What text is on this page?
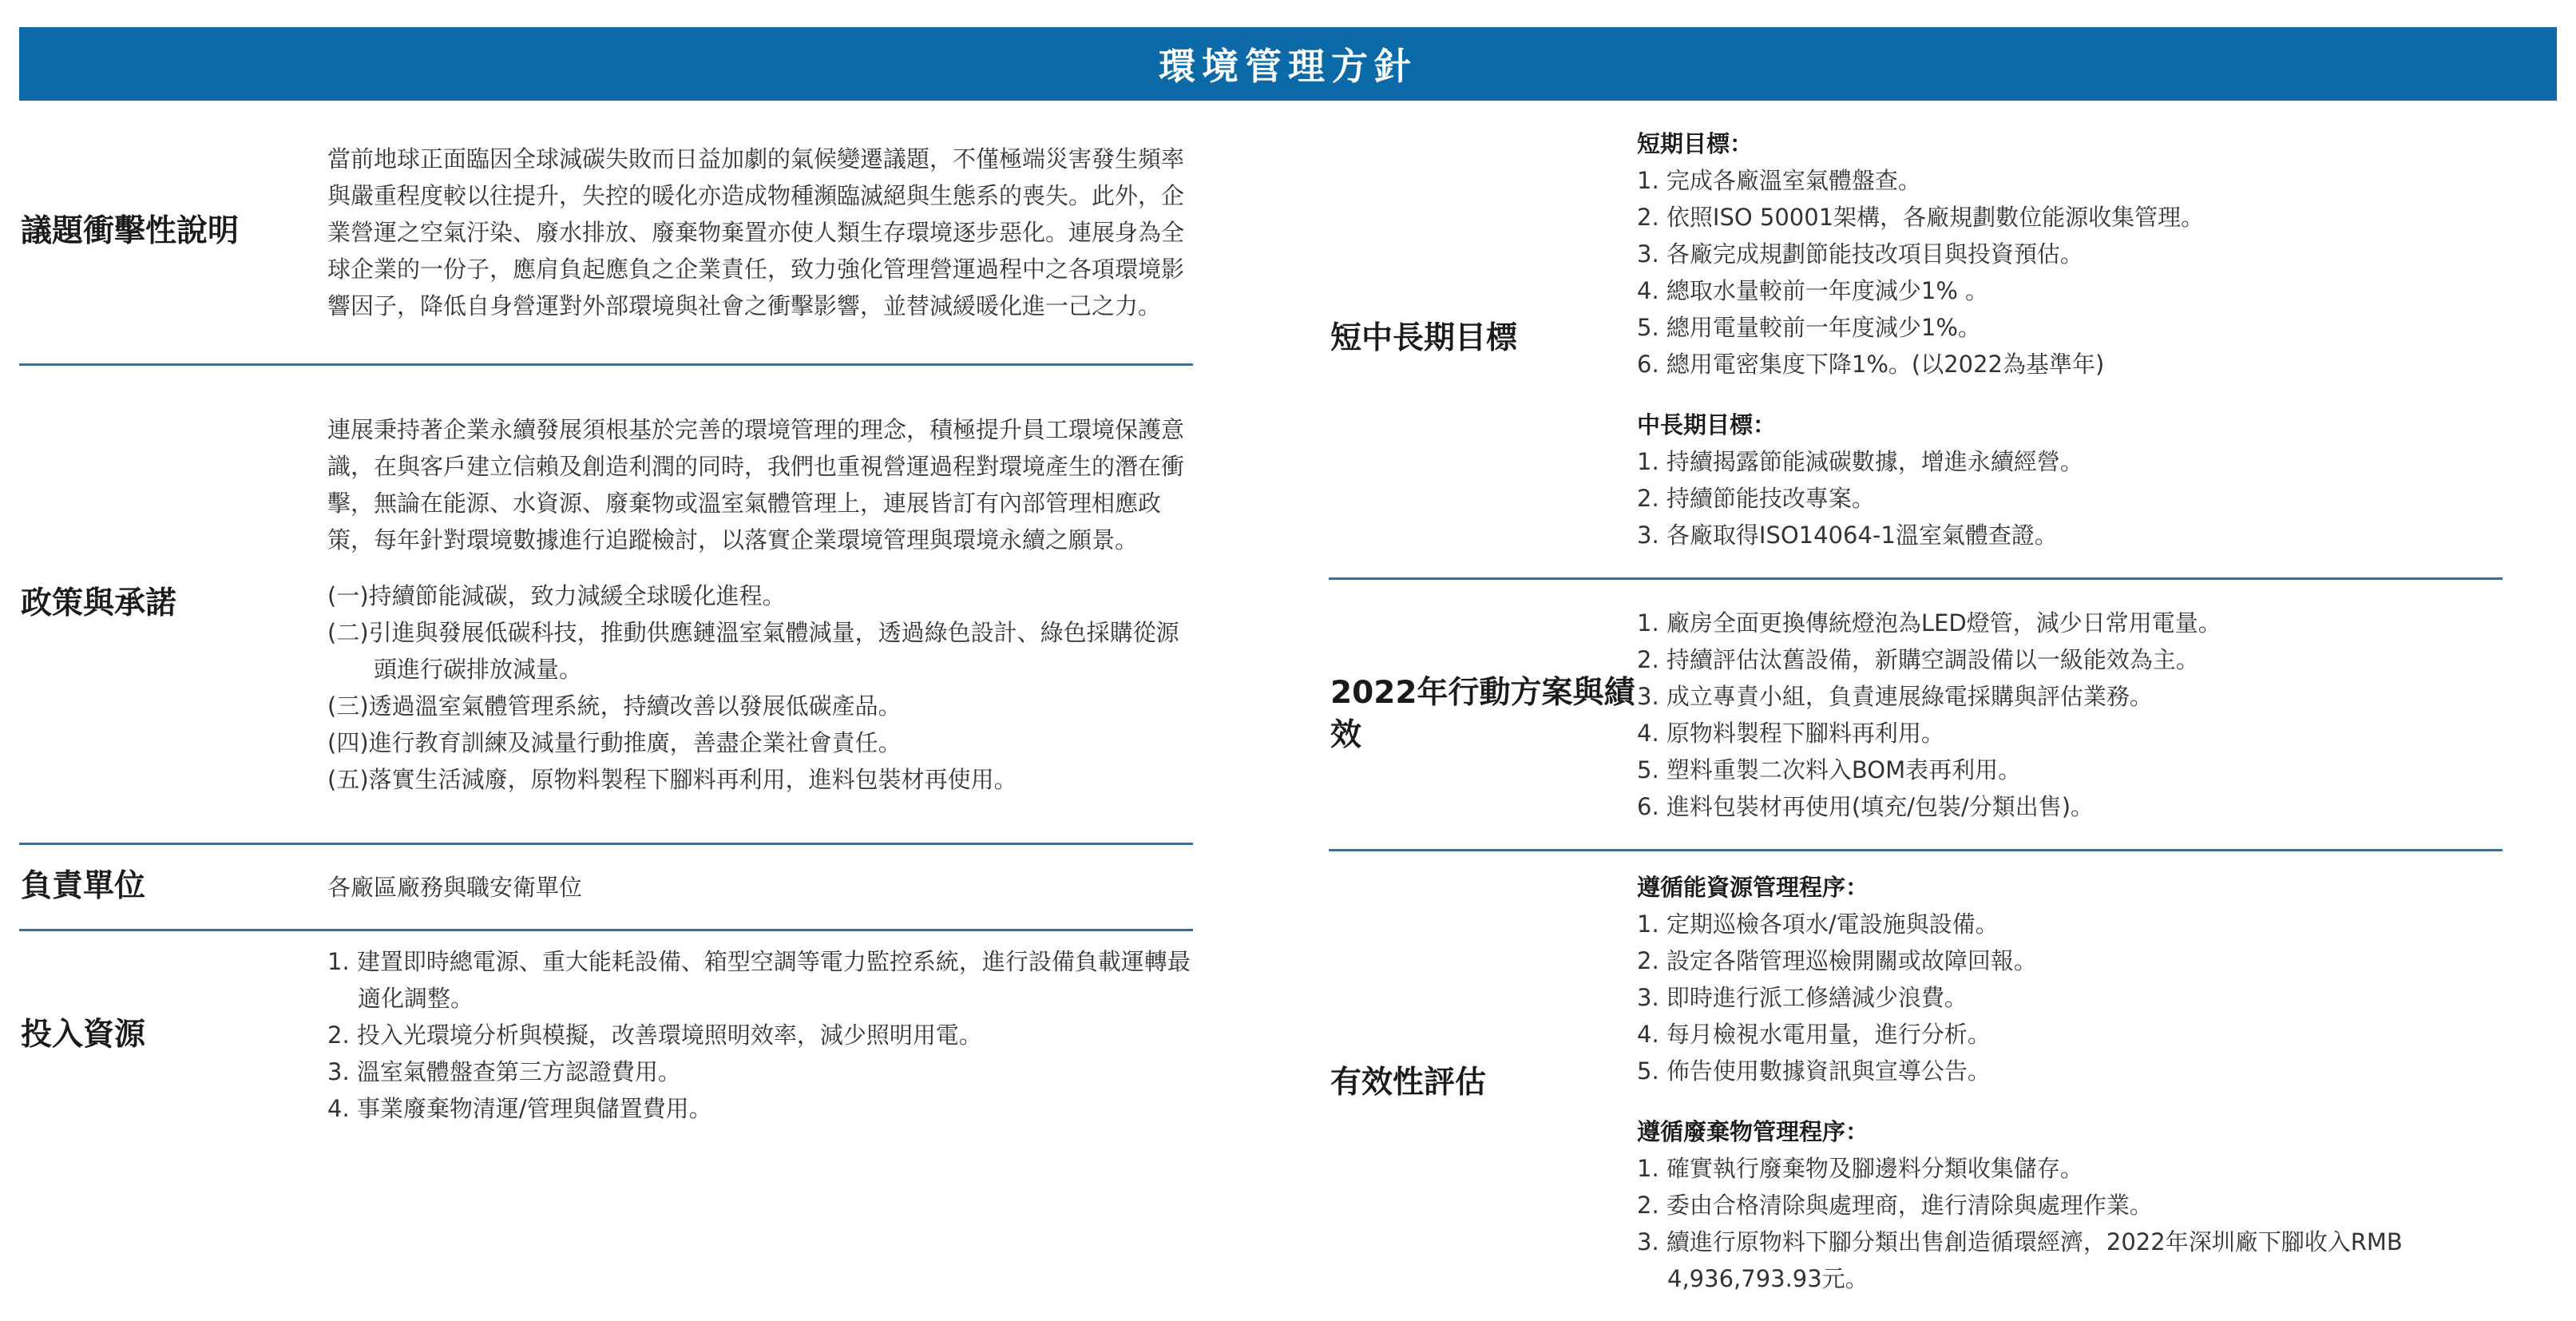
環境管理方針
議題衝擊性說明

當前地球正面臨因全球減碳失敗而日益加劇的氣候變遷議題，不僅極端災害發生頻率與嚴重程度較以往提升，失控的暖化亦造成物種瀕臨滅絕與生態系的喪失。此外，企業營運之空氣汙染、廢水排放、廢棄物棄置亦使人類生存環境逐步惡化。連展身為全球企業的一份子，應肩負起應負之企業責任，致力強化管理營運過程中之各項環境影響因子，降低自身營運對外部環境與社會之衝擊影響，並替減緩暖化進一己之力。

政策與承諾

連展秉持著企業永續發展須根基於完善的環境管理的理念，積極提升員工環境保護意識，在與客戶建立信賴及創造利潤的同時，我們也重視營運過程對環境產生的潛在衝擊，無論在能源、水資源、廢棄物或溫室氣體管理上，連展皆訂有內部管理相應政策，每年針對環境數據進行追蹤檢討，以落實企業環境管理與環境永續之願景。

(一)持續節能減碳，致力減緩全球暖化進程。
(二)引進與發展低碳科技，推動供應鏈溫室氣體減量，透過綠色設計、綠色採購從源頭進行碳排放減量。
(三)透過溫室氣體管理系統，持續改善以發展低碳產品。
(四)進行教育訓練及減量行動推廣，善盡企業社會責任。
(五)落實生活減廢，原物料製程下腳料再利用，進料包裝材再使用。
負責單位	各廠區廠務與職安衛單位

投入資源
1. 建置即時總電源、重大能耗設備、箱型空調等電力監控系統，進行設備負載運轉最適化調整。
2. 投入光環境分析與模擬，改善環境照明效率，減少照明用電。
3. 溫室氣體盤查第三方認證費用。
4. 事業廢棄物清運/管理與儲置費用。
短中長期目標

短期目標：

1. 完成各廠溫室氣體盤查。
2. 依照ISO 50001架構，各廠規劃數位能源收集管理。
3. 各廠完成規劃節能技改項目與投資預估。
4. 總取水量較前一年度減少1% 。
5. 總用電量較前一年度減少1%。
6. 總用電密集度下降1%。(以2022為基準年)

中長期目標：

1. 持續揭露節能減碳數據，增進永續經營。
2. 持續節能技改專案。
3. 各廠取得ISO14064-1溫室氣體查證。
2022年行動方案與績效
1. 廠房全面更換傳統燈泡為LED燈管，減少日常用電量。
2. 持續評估汰舊設備，新購空調設備以一級能效為主。
3. 成立專責小組，負責連展綠電採購與評估業務。
4. 原物料製程下腳料再利用。
5. 塑料重製二次料入BOM表再利用。
6. 進料包裝材再使用(填充/包裝/分類出售)。
有效性評估

遵循能資源管理程序：

1. 定期巡檢各項水/電設施與設備。
2. 設定各階管理巡檢開關或故障回報。
3. 即時進行派工修繕減少浪費。
4. 每月檢視水電用量，進行分析。
5. 佈告使用數據資訊與宣導公告。

遵循廢棄物管理程序：

1. 確實執行廢棄物及腳邊料分類收集儲存。
2. 委由合格清除與處理商，進行清除與處理作業。
3. 續進行原物料下腳分類出售創造循環經濟，2022年深圳廠下腳收入RMB 4,936,793.93元。
